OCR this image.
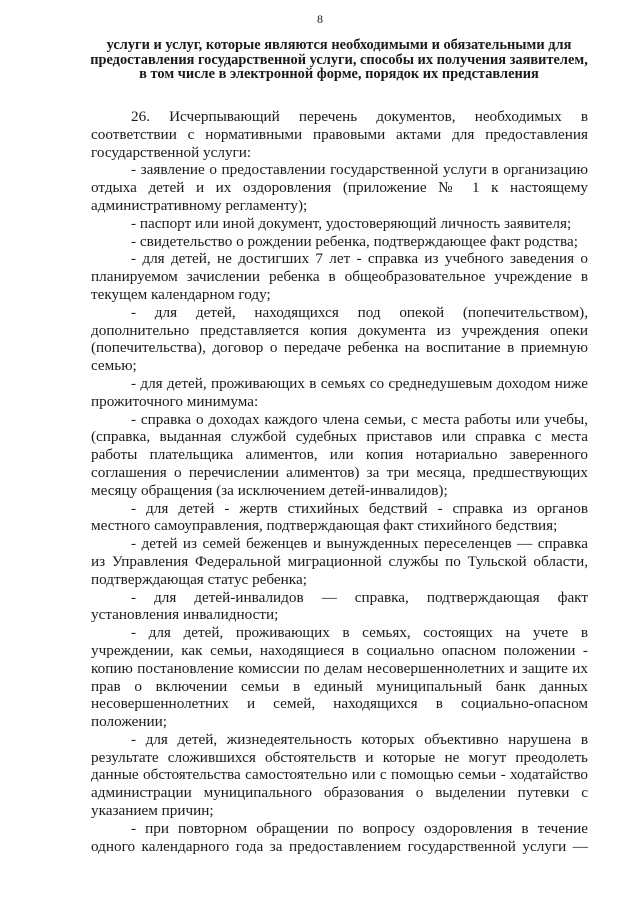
8
услуги и услуг, которые являются необходимыми и обязательными для предоставления государственной услуги, способы их получения заявителем, в том числе в электронной форме, порядок их представления

26. Исчерпывающий перечень документов, необходимых в соответствии с нормативными правовыми актами для предоставления государственной услуги:

- заявление о предоставлении государственной услуги в организацию отдыха детей и их оздоровления (приложение № 1 к настоящему административному регламенту);

- паспорт или иной документ, удостоверяющий личность заявителя;

- свидетельство о рождении ребенка, подтверждающее факт родства;

- для детей, не достигших 7 лет - справка из учебного заведения о планируемом зачислении ребенка в общеобразовательное учреждение в текущем календарном году;

- для детей, находящихся под опекой (попечительством), дополнительно представляется копия документа из учреждения опеки (попечительства), договор о передаче ребенка на воспитание в приемную семью;

- для детей, проживающих в семьях со среднедушевым доходом ниже прожиточного минимума:

- справка о доходах каждого члена семьи, с места работы или учебы, (справка, выданная службой судебных приставов или справка с места работы плательщика алиментов, или копия нотариально заверенного соглашения о перечислении алиментов) за три месяца, предшествующих месяцу обращения (за исключением детей-инвалидов);

- для детей - жертв стихийных бедствий - справка из органов местного самоуправления, подтверждающая факт стихийного бедствия;

- детей из семей беженцев и вынужденных переселенцев — справка из Управления Федеральной миграционной службы по Тульской области, подтверждающая статус ребенка;

- для детей-инвалидов — справка, подтверждающая факт установления инвалидности;

- для детей, проживающих в семьях, состоящих на учете в учреждении, как семьи, находящиеся в социально опасном положении - копию постановление комиссии по делам несовершеннолетних и защите их прав о включении семьи в единый муниципальный банк данных несовершеннолетних и семей, находящихся в социально-опасном положении;

- для детей, жизнедеятельность которых объективно нарушена в результате сложившихся обстоятельств и которые не могут преодолеть данные обстоятельства самостоятельно или с помощью семьи - ходатайство администрации муниципального образования о выделении путевки с указанием причин;

- при повторном обращении по вопросу оздоровления в течение одного календарного года за предоставлением государственной услуги —
